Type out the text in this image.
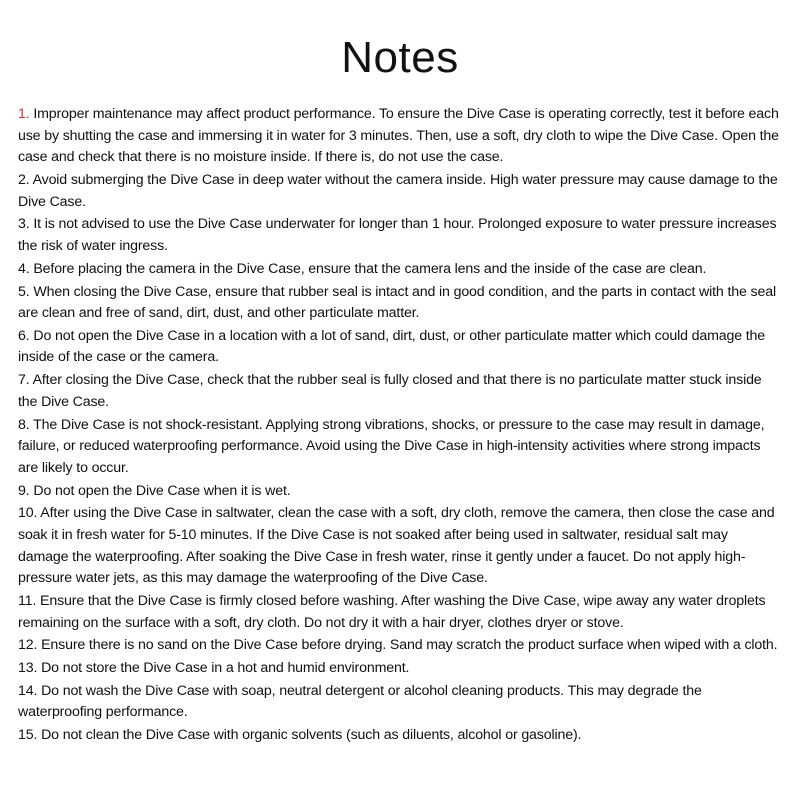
Notes
1. Improper maintenance may affect product performance. To ensure the Dive Case is operating correctly, test it before each use by shutting the case and immersing it in water for 3 minutes. Then, use a soft, dry cloth to wipe the Dive Case. Open the case and check that there is no moisture inside. If there is, do not use the case.
2. Avoid submerging the Dive Case in deep water without the camera inside. High water pressure may cause damage to the Dive Case.
3. It is not advised to use the Dive Case underwater for longer than 1 hour. Prolonged exposure to water pressure increases the risk of water ingress.
4. Before placing the camera in the Dive Case, ensure that the camera lens and the inside of the case are clean.
5. When closing the Dive Case, ensure that rubber seal is intact and in good condition, and the parts in contact with the seal are clean and free of sand, dirt, dust, and other particulate matter.
6. Do not open the Dive Case in a location with a lot of sand, dirt, dust, or other particulate matter which could damage the inside of the case or the camera.
7. After closing the Dive Case, check that the rubber seal is fully closed and that there is no particulate matter stuck inside the Dive Case.
8. The Dive Case is not shock-resistant. Applying strong vibrations, shocks, or pressure to the case may result in damage, failure, or reduced waterproofing performance. Avoid using the Dive Case in high-intensity activities where strong impacts are likely to occur.
9. Do not open the Dive Case when it is wet.
10. After using the Dive Case in saltwater, clean the case with a soft, dry cloth, remove the camera, then close the case and soak it in fresh water for 5-10 minutes. If the Dive Case is not soaked after being used in saltwater, residual salt may damage the waterproofing. After soaking the Dive Case in fresh water, rinse it gently under a faucet. Do not apply high-pressure water jets, as this may damage the waterproofing of the Dive Case.
11. Ensure that the Dive Case is firmly closed before washing. After washing the Dive Case, wipe away any water droplets remaining on the surface with a soft, dry cloth. Do not dry it with a hair dryer, clothes dryer or stove.
12. Ensure there is no sand on the Dive Case before drying. Sand may scratch the product surface when wiped with a cloth.
13. Do not store the Dive Case in a hot and humid environment.
14. Do not wash the Dive Case with soap, neutral detergent or alcohol cleaning products. This may degrade the waterproofing performance.
15. Do not clean the Dive Case with organic solvents (such as diluents, alcohol or gasoline).
